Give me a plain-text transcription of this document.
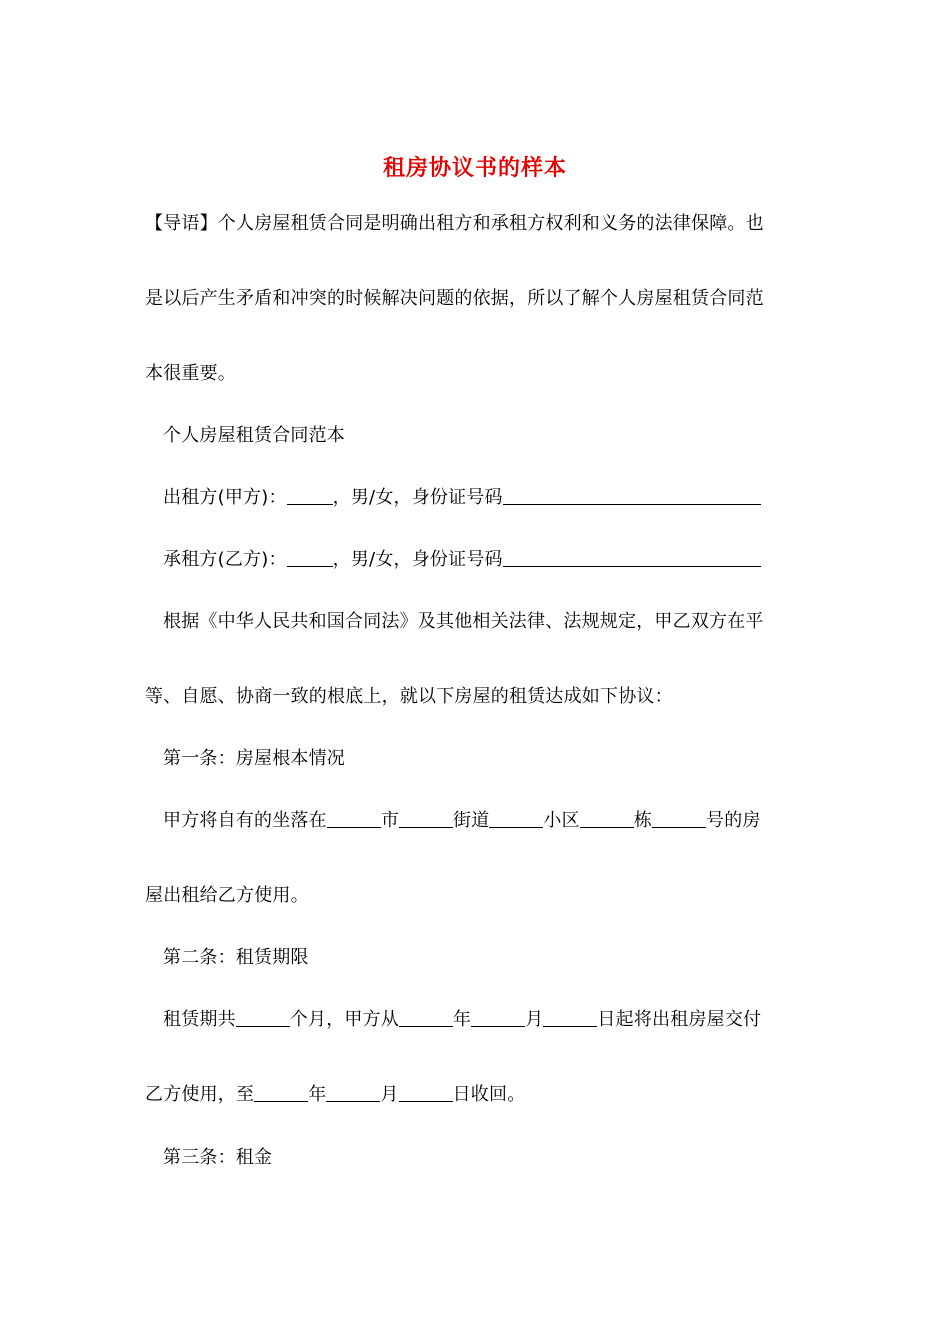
租房协议书的样本
【导语】个人房屋租赁合同是明确出租方和承租方权利和义务的法律保障。也
是以后产生矛盾和冲突的时候解决问题的依据，所以了解个人房屋租赁合同范
本很重要。
个人房屋租赁合同范本
出租方(甲方)：	，男/女，身份证号码
承租方(乙方)：	，男/女，身份证号码
根据《中华人民共和国合同法》及其他相关法律、法规规定，甲乙双方在平
等、自愿、协商一致的根底上，就以下房屋的租赁达成如下协议：
第一条：房屋根本情况
甲方将自有的坐落在	市	街道	小区	栋	号的房
屋出租给乙方使用。
第二条：租赁期限
租赁期共	个月，甲方从	年	月	日起将出租房屋交付
乙方使用，至	年	月	日收回。
第三条：租金
